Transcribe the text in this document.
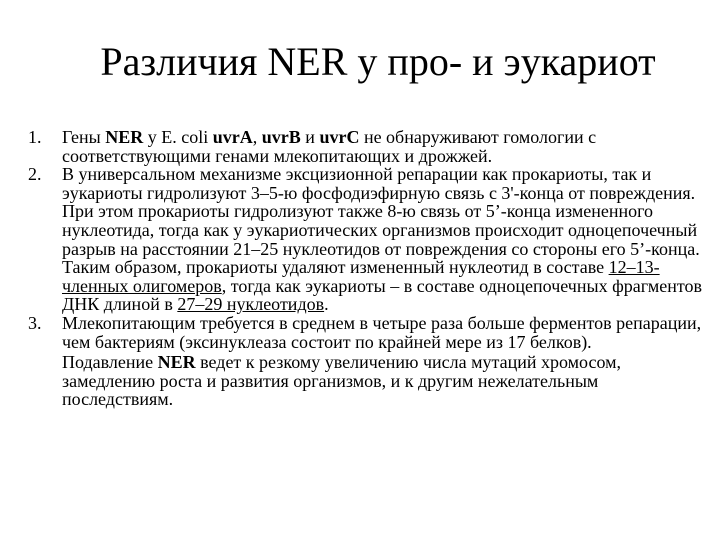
Различия NER у про- и эукариот
1. Гены NER у E. coli uvrA, uvrB и uvrC не обнаруживают гомологии с соответствующими генами млекопитающих и дрожжей.
2. В универсальном механизме эксцизионной репарации как прокариоты, так и эукариоты гидролизуют 3–5-ю фосфодиэфирную связь с 3'-конца от повреждения. При этом прокариоты гидролизуют также 8-ю связь от 5’-конца измененного нуклеотида, тогда как у эукариотических организмов происходит одноцепочечный разрыв на расстоянии 21–25 нуклеотидов от повреждения со стороны его 5’-конца. Таким образом, прокариоты удаляют измененный нуклеотид в составе 12–13-членных олигомеров, тогда как эукариоты – в составе одноцепочечных фрагментов ДНК длиной в 27–29 нуклеотидов.
3. Млекопитающим требуется в среднем в четыре раза больше ферментов репарации, чем бактериям (эксинуклеаза состоит по крайней мере из 17 белков).
Подавление NER ведет к резкому увеличению числа мутаций хромосом, замедлению роста и развития организмов, и к другим нежелательным последствиям.
